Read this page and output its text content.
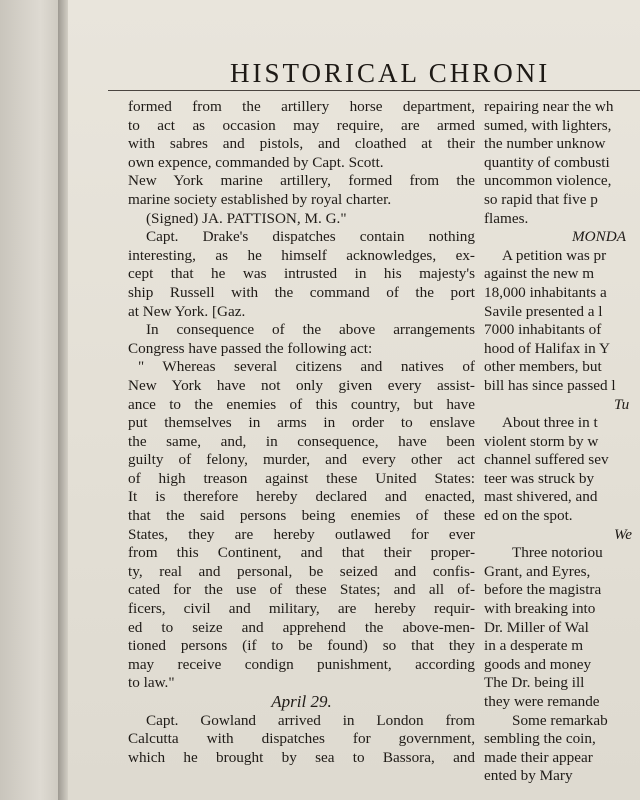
HISTORICAL CHRONI
formed from the artillery horse department,
to act as occasion may require, are armed
with sabres and pistols, and cloathed at their
own expence, commanded by Capt. Scott.
New York marine artillery, formed from the
marine society established by royal charter.
(Signed) JA. PATTISON, M. G."
Capt. Drake's dispatches contain nothing
interesting, as he himself acknowledges, ex-
cept that he was intrusted in his majesty's
ship Russell with the command of the port
at New York. [Gaz.
In consequence of the above arrangements
Congress have passed the following act:
" Whereas several citizens and natives of
New York have not only given every assist-
ance to the enemies of this country, but have
put themselves in arms in order to enslave
the same, and, in consequence, have been
guilty of felony, murder, and every other act
of high treason against these United States:
It is therefore hereby declared and enacted,
that the said persons being enemies of these
States, they are hereby outlawed for ever
from this Continent, and that their proper-
ty, real and personal, be seized and confis-
cated for the use of these States; and all of-
ficers, civil and military, are hereby requir-
ed to seize and apprehend the above-men-
tioned persons (if to be found) so that they
may receive condign punishment, according
to law."
April 29.
Capt. Gowland arrived in London from
Calcutta with dispatches for government,
which he brought by sea to Bassora, and
repairing near the wh
sumed, with lighters,
the number unknow
quantity of combusti
uncommon violence,
so rapid that five p
flames.
MONDA
A petition was pr
against the new m
18,000 inhabitants a
Savile presented a l
7000 inhabitants of
hood of Halifax in Y
other members, but
bill has since passed l
Tu
About three in t
violent storm by w
channel suffered sev
teer was struck by
mast shivered, and
ed on the spot.
We
Three notoriou
Grant, and Eyres,
before the magistra
with breaking into
Dr. Miller of Wal
in a desperate m
goods and money
The Dr. being ill
they were remande
Some remarkab
sembling the coin,
made their appear
ented by Mary
